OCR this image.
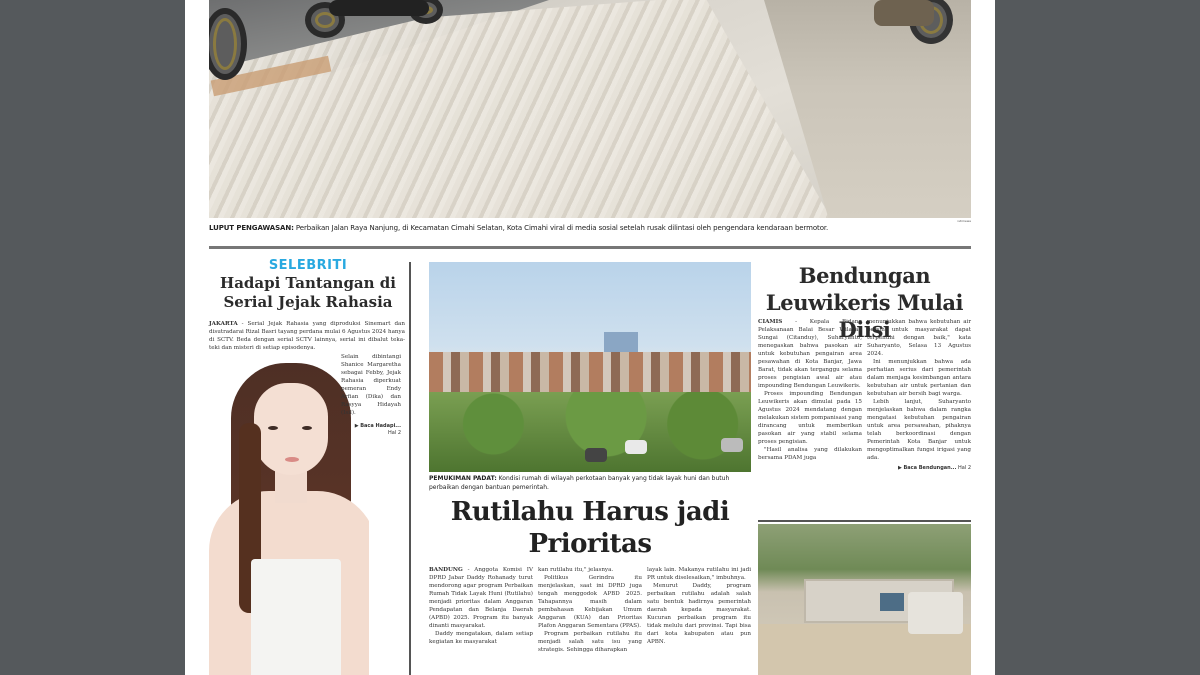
istimewa
LUPUT PENGAWASAN: Perbaikan Jalan Raya Nanjung, di Kecamatan Cimahi Selatan, Kota Cimahi viral di media sosial setelah rusak dilintasi oleh pengendara kendaraan bermotor.
SELEBRITI
Hadapi Tantangan di Serial Jejak Rahasia
JAKARTA - Serial Jejak Rahasia yang diproduksi Sinemart dan disutradarai Rizal Basri tayang perdana mulai 6 Agustus 2024 hanya di SCTV. Beda dengan serial SCTV lainnya, serial ini dibalut teka-teki dan misteri di setiap episodenya.
Selain dibintangi Shanice Margaretha sebagai Febby, Jejak Rahasia diperkuat pemeran Endy Arfian (Dika) dan Rasyya Hidayah (Isil).
▶ Baca Hadapi...
Hal 2
PEMUKIMAN PADAT: Kondisi rumah di wilayah perkotaan banyak yang tidak layak huni dan butuh perbaikan dengan bantuan pemerintah.
Rutilahu Harus jadi Prioritas
BANDUNG - Anggota Komisi IV DPRD Jabar Daddy Rohanady turut mendorong agar program Perbaikan Rumah Tidak Layak Huni (Rutilahu) menjadi prioritas dalam Anggaran Pendapatan dan Belanja Daerah (APBD) 2025. Program itu banyak dinanti masyarakat.
Daddy mengatakan, dalam setiap kegiatan ke masyarakat
kan rutilahu itu," jelasnya.
Politikus Gerindra itu menjelaskan, saat ini DPRD juga tengah menggodok APBD 2025. Tahapannya masih dalam pembahasan Kebijakan Umum Anggaran (KUA) dan Prioritas Plafon Anggaran Sementara (PPAS).
Program perbaikan rutilahu itu menjadi salah satu isu yang strategis. Sehingga diharapkan
layak lain. Makanya rutilahu ini jadi PR untuk diselesaikan," imbuhnya.
Menurut Daddy, program perbaikan rutilahu adalah salah satu bentuk hadirnya pemerintah daerah kepada masyarakat. Kucuran perbaikan program itu tidak melulu dari provinsi. Tapi bisa dari kota kabupaten atau pun APBN.
Bendungan Leuwikeris Mulai Diisi
CIAMIS - Kepala Bidang Pelaksanaan Balai Besar Wilayah Sungai (Citanduy), Suharyanto, menegaskan bahwa pasokan air untuk kebutuhan pengairan area pesawahan di Kota Banjar, Jawa Barat, tidak akan terganggu selama proses pengisian awal air atau impounding Bendungan Leuwikeris.
Proses impounding Bendungan Leuwikeris akan dimulai pada 15 Agustus 2024 mendatang dengan melakukan sistem pompanisasi yang dirancang untuk memberikan pasokan air yang stabil selama proses pengisian.
"Hasil analisa yang dilakukan bersama PDAM juga
menunjukkan bahwa kebutuhan air bersih untuk masyarakat dapat terpenuhi dengan baik," kata Suharyanto, Selasa 13 Agustus 2024.
Ini menunjukkan bahwa ada perhatian serius dari pemerintah dalam menjaga kesimbangan antara kebutuhan air untuk pertanian dan kebutuhan air bersih bagi warga.
Lebih lanjut, Suharyanto menjelaskan bahwa dalam rangka mengatasi kebutuhan pengairan untuk area persawahan, pihaknya telah berkoordinasi dengan Pemerintah Kota Banjar untuk mengoptimalkan fungsi irigasi yang ada.
▶ Baca Bendungan... Hal 2
